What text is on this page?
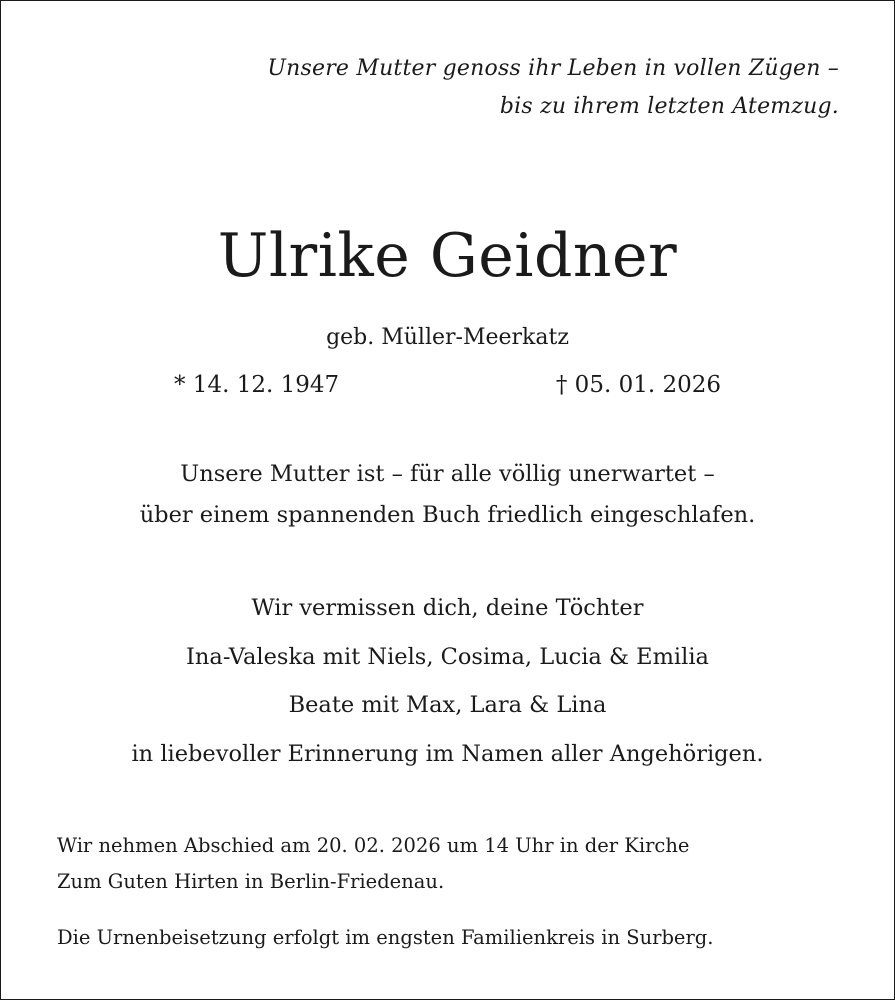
Unsere Mutter genoss ihr Leben in vollen Zügen –
bis zu ihrem letzten Atemzug.
Ulrike Geidner
geb. Müller-Meerkatz
* 14. 12. 1947	† 05. 01. 2026
Unsere Mutter ist – für alle völlig unerwartet –
über einem spannenden Buch friedlich eingeschlafen.
Wir vermissen dich, deine Töchter
Ina-Valeska mit Niels, Cosima, Lucia & Emilia
Beate mit Max, Lara & Lina
in liebevoller Erinnerung im Namen aller Angehörigen.
Wir nehmen Abschied am 20. 02. 2026 um 14 Uhr in der Kirche
Zum Guten Hirten in Berlin-Friedenau.
Die Urnenbeisetzung erfolgt im engsten Familienkreis in Surberg.
